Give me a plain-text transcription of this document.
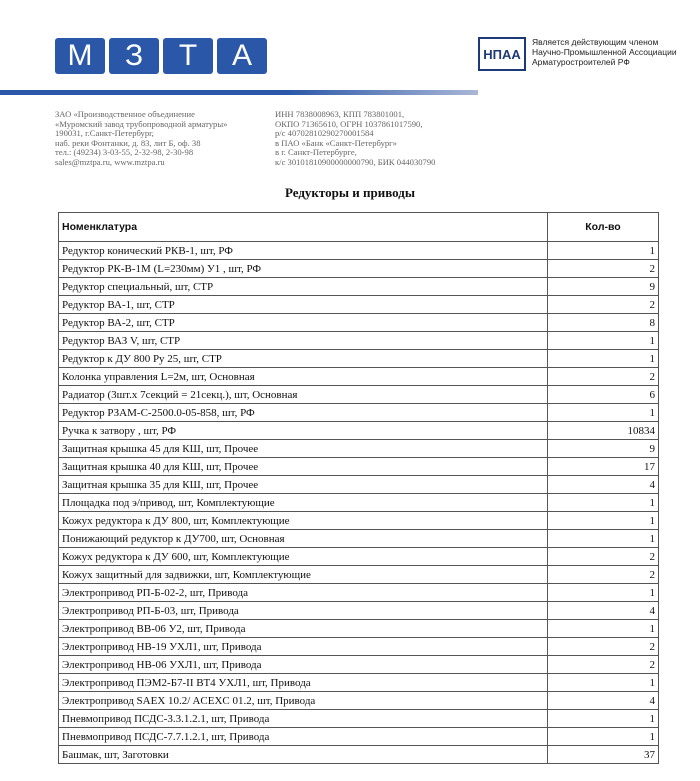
М	З	Т	А	НПАА
Является действующим членом Научно-Промышленной Ассоциации Арматуростроителей РФ
ЗАО «Производственное объединение
«Муромский завод трубопроводной арматуры»
190031, г.Санкт-Петербург,
наб. реки Фонтанки, д. 83, лит Б, оф. 38
тел.: (49234) 3-03-55, 2-32-98, 2-30-98
sales@mztpa.ru, www.mztpa.ru
ИНН 7838008963, КПП 783801001,
ОКПО 71365610, ОГРН 1037861017590,
р/с 40702810290270001584
в ПАО «Банк «Санкт-Петербург»
в г. Санкт-Петербурге,
к/с 30101810900000000790, БИК 044030790
Редукторы и приводы
Номенклатура	Кол-во
Редуктор конический РКВ-1, шт, РФ	1
Редуктор РК-В-1М (L=230мм) У1 , шт, РФ	2
Редуктор специальный, шт, СТР	9
Редуктор ВА-1, шт, СТР	2
Редуктор ВА-2, шт, СТР	8
Редуктор ВАЗ V, шт, СТР	1
Редуктор к ДУ 800 Ру 25, шт, СТР	1
Колонка управления L=2м, шт, Основная	2
Радиатор (3шт.х 7секций = 21секц.), шт, Основная	6
Редуктор РЗАМ-С-2500.0-05-858, шт, РФ	1
Ручка к затвору , шт, РФ	10834
Защитная крышка 45 для КШ, шт, Прочее	9
Защитная крышка 40 для КШ, шт, Прочее	17
Защитная крышка 35 для КШ, шт, Прочее	4
Площадка под э/привод, шт, Комплектующие	1
Кожух редуктора к ДУ 800, шт, Комплектующие	1
Понижающий редуктор к ДУ700, шт, Основная	1
Кожух редуктора к ДУ 600, шт, Комплектующие	2
Кожух защитный для задвижки, шт, Комплектующие	2
Электропривод РП-Б-02-2, шт, Привода	1
Электропривод РП-Б-03, шт, Привода	4
Электропривод ВВ-06 У2, шт, Привода	1
Электропривод НВ-19 УХЛ1, шт, Привода	2
Электропривод НВ-06 УХЛ1, шт, Привода	2
Электропривод ПЭМ2-Б7-II ВТ4 УХЛ1, шт, Привода	1
Электропривод SAEX 10.2/ ACEXC 01.2, шт, Привода	4
Пневмопривод ПСДС-3.3.1.2.1, шт, Привода	1
Пневмопривод ПСДС-7.7.1.2.1, шт, Привода	1
Башмак, шт, Заготовки	37
